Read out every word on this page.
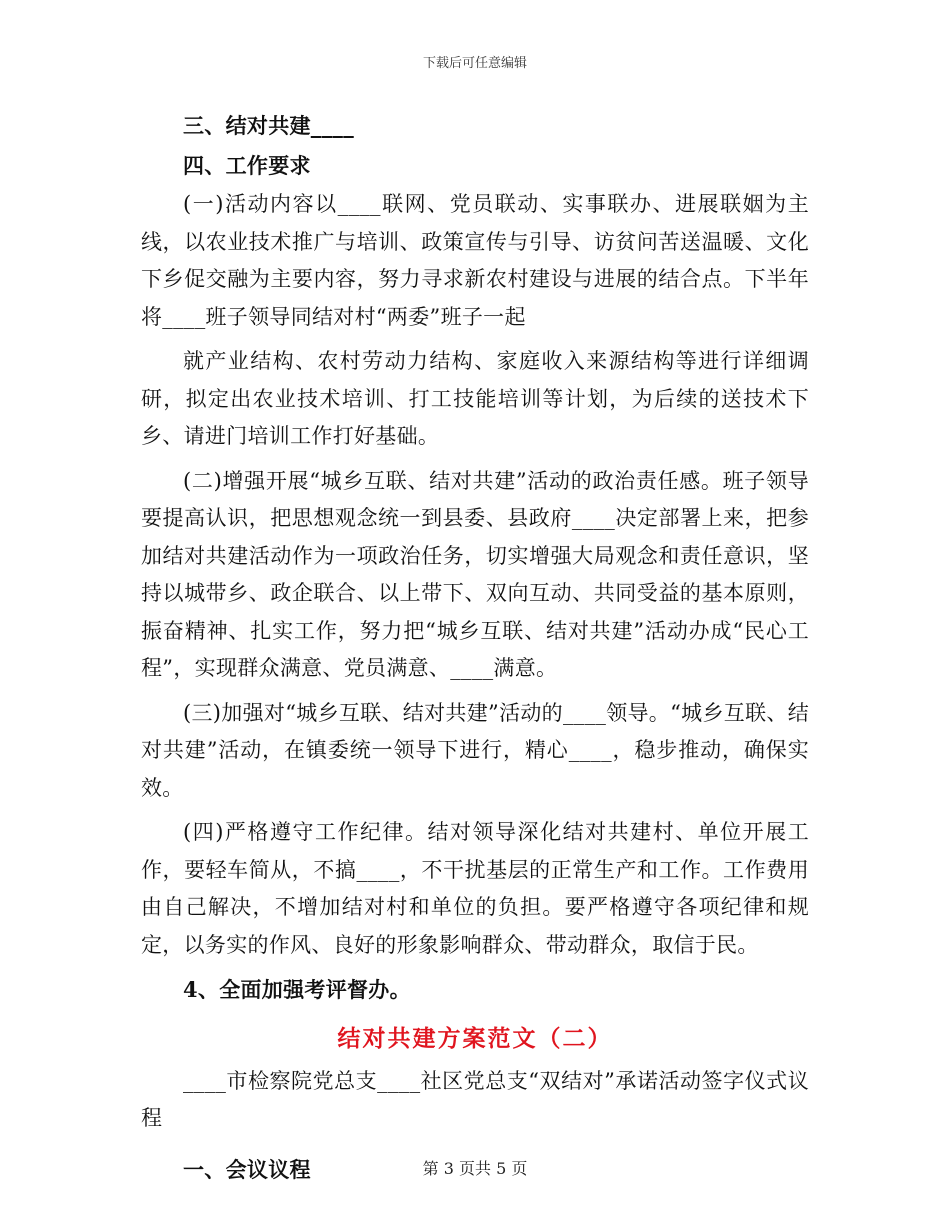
下载后可任意编辑

三、结对共建____

四、工作要求

(一)活动内容以____联网、党员联动、实事联办、进展联姻为主线，以农业技术推广与培训、政策宣传与引导、访贫问苦送温暖、文化下乡促交融为主要内容，努力寻求新农村建设与进展的结合点。下半年将____班子领导同结对村“两委”班子一起

就产业结构、农村劳动力结构、家庭收入来源结构等进行详细调研，拟定出农业技术培训、打工技能培训等计划，为后续的送技术下乡、请进门培训工作打好基础。

(二)增强开展“城乡互联、结对共建”活动的政治责任感。班子领导要提高认识，把思想观念统一到县委、县政府____决定部署上来，把参加结对共建活动作为一项政治任务，切实增强大局观念和责任意识，坚持以城带乡、政企联合、以上带下、双向互动、共同受益的基本原则，振奋精神、扎实工作，努力把“城乡互联、结对共建”活动办成“民心工程”，实现群众满意、党员满意、____满意。

(三)加强对“城乡互联、结对共建”活动的____领导。“城乡互联、结对共建”活动，在镇委统一领导下进行，精心____，稳步推动，确保实效。

(四)严格遵守工作纪律。结对领导深化结对共建村、单位开展工作，要轻车简从，不搞____，不干扰基层的正常生产和工作。工作费用由自己解决，不增加结对村和单位的负担。要严格遵守各项纪律和规定，以务实的作风、良好的形象影响群众、带动群众，取信于民。

4、全面加强考评督办。

结对共建方案范文（二）

____市检察院党总支____社区党总支“双结对”承诺活动签字仪式议程

一、会议议程	第 3 页共 5 页
